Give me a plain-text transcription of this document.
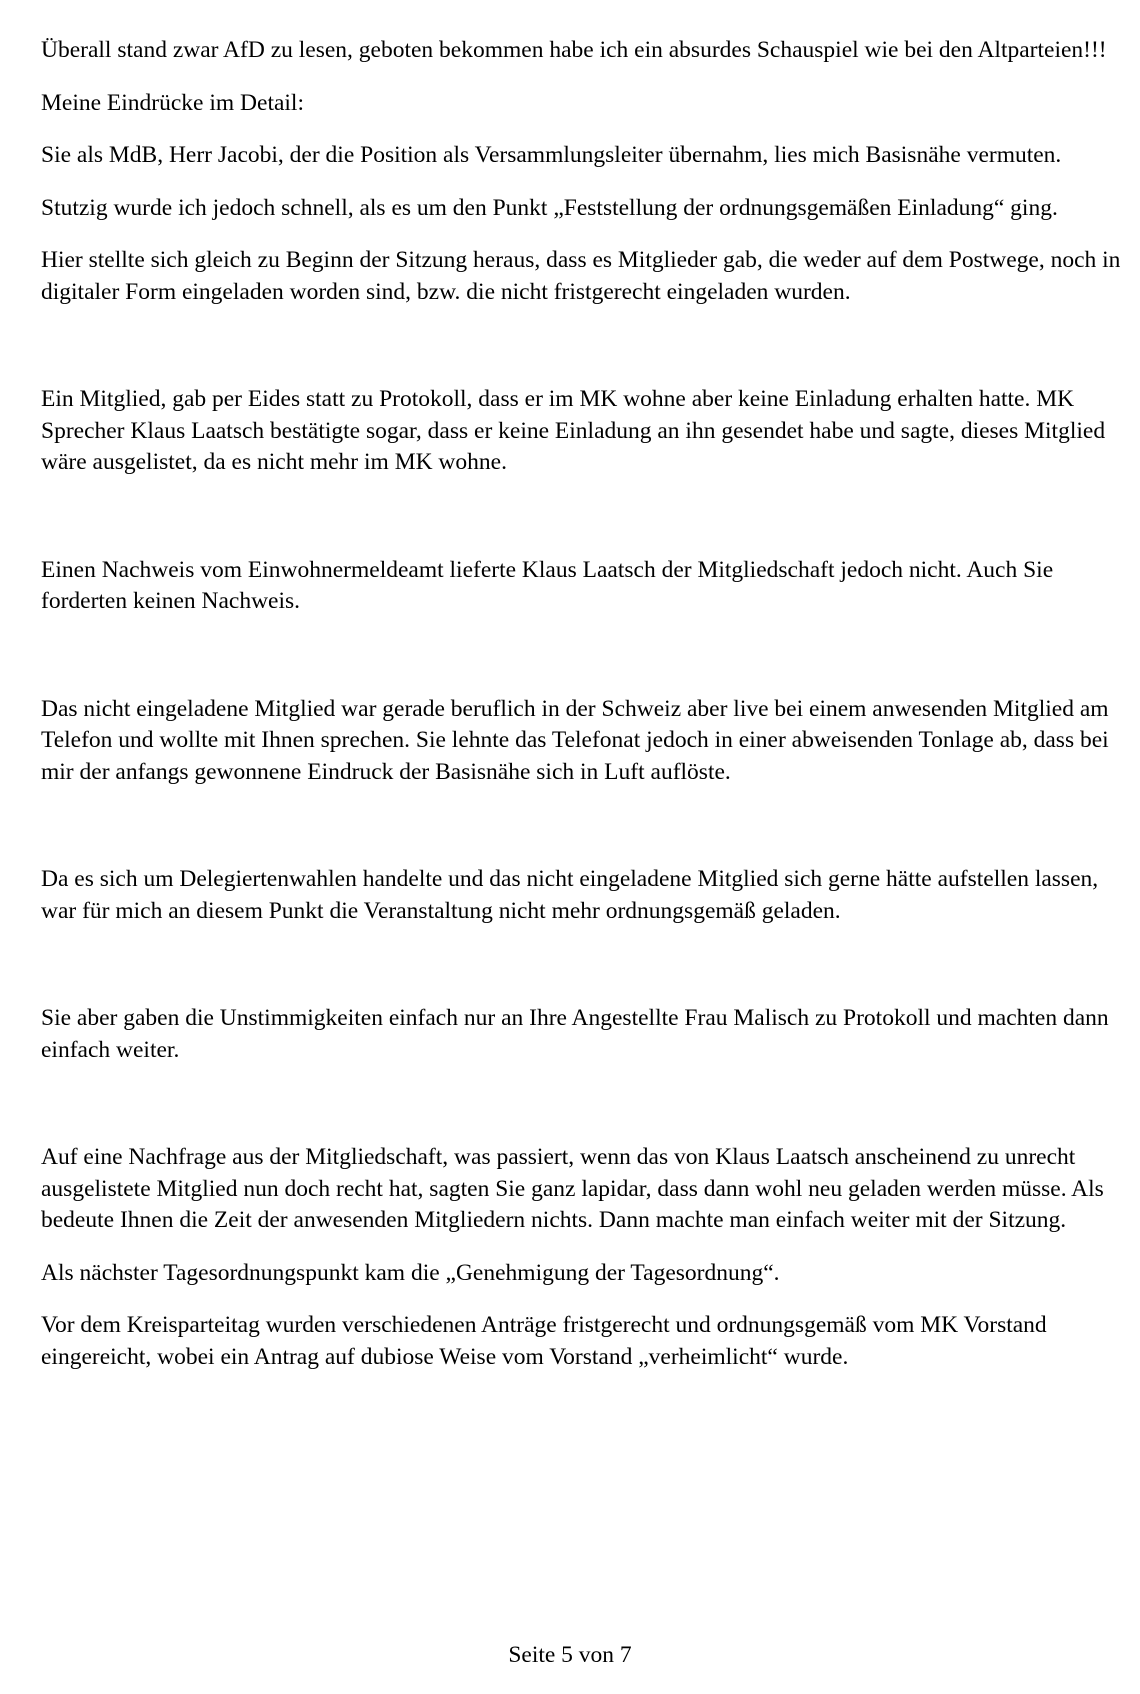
Überall stand zwar AfD zu lesen, geboten bekommen habe ich ein absurdes Schauspiel wie bei den Altparteien!!!

Meine Eindrücke im Detail:

Sie als MdB, Herr Jacobi, der die Position als Versammlungsleiter übernahm, lies mich Basisnähe vermuten.

Stutzig wurde ich jedoch schnell, als es um den Punkt „Feststellung der ordnungsgemäßen Einladung“ ging.

Hier stellte sich gleich zu Beginn der Sitzung heraus, dass es Mitglieder gab, die weder auf dem Postwege, noch in digitaler Form eingeladen worden sind, bzw. die nicht fristgerecht eingeladen wurden.

Ein Mitglied, gab per Eides statt zu Protokoll, dass er im MK wohne aber keine Einladung erhalten hatte. MK Sprecher Klaus Laatsch bestätigte sogar, dass er keine Einladung an ihn gesendet habe und sagte, dieses Mitglied wäre ausgelistet, da es nicht mehr im MK wohne.

Einen Nachweis vom Einwohnermeldeamt lieferte Klaus Laatsch der Mitgliedschaft jedoch nicht. Auch Sie forderten keinen Nachweis.

Das nicht eingeladene Mitglied war gerade beruflich in der Schweiz aber live bei einem anwesenden Mitglied am Telefon und wollte mit Ihnen sprechen. Sie lehnte das Telefonat jedoch in einer abweisenden Tonlage ab, dass bei mir der anfangs gewonnene Eindruck der Basisnähe sich in Luft auflöste.

Da es sich um Delegiertenwahlen handelte und das nicht eingeladene Mitglied sich gerne hätte aufstellen lassen, war für mich an diesem Punkt die Veranstaltung nicht mehr ordnungsgemäß geladen.

Sie aber gaben die Unstimmigkeiten einfach nur an Ihre Angestellte Frau Malisch zu Protokoll und machten dann einfach weiter.

Auf eine Nachfrage aus der Mitgliedschaft, was passiert, wenn das von Klaus Laatsch anscheinend zu unrecht ausgelistete Mitglied nun doch recht hat, sagten Sie ganz lapidar, dass dann wohl neu geladen werden müsse. Als bedeute Ihnen die Zeit der anwesenden Mitgliedern nichts. Dann machte man einfach weiter mit der Sitzung.

Als nächster Tagesordnungspunkt kam die „Genehmigung der Tagesordnung“.

Vor dem Kreisparteitag wurden verschiedenen Anträge fristgerecht und ordnungsgemäß vom MK Vorstand eingereicht, wobei ein Antrag auf dubiose Weise vom Vorstand „verheimlicht“ wurde.

Seite 5 von 7
